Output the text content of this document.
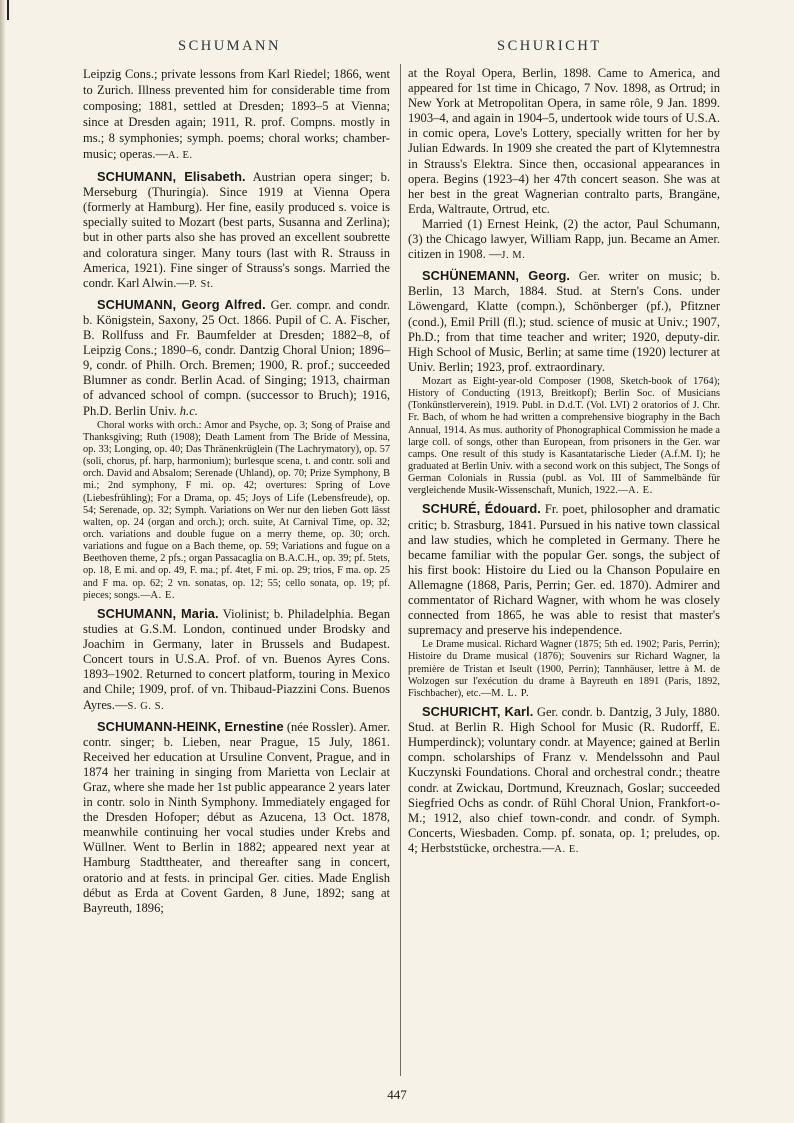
SCHUMANN	SCHURICHT

Leipzig Cons.; private lessons from Karl Riedel; 1866, went to Zurich. Illness prevented him for considerable time from composing; 1881, settled at Dresden; 1893–5 at Vienna; since at Dresden again; 1911, R. prof. Compns. mostly in ms.; 8 symphonies; symph. poems; choral works; chamber-music; operas.—A. E.

SCHUMANN, Elisabeth. Austrian opera singer; b. Merseburg (Thuringia). Since 1919 at Vienna Opera (formerly at Hamburg). Her fine, easily produced s. voice is specially suited to Mozart (best parts, Susanna and Zerlina); but in other parts also she has proved an excellent soubrette and coloratura singer. Many tours (last with R. Strauss in America, 1921). Fine singer of Strauss's songs. Married the condr. Karl Alwin.—P. St.

SCHUMANN, Georg Alfred. Ger. compr. and condr. b. Königstein, Saxony, 25 Oct. 1866. Pupil of C. A. Fischer, B. Rollfuss and Fr. Baumfelder at Dresden; 1882–8, of Leipzig Cons.; 1890–6, condr. Dantzig Choral Union; 1896–9, condr. of Philh. Orch. Bremen; 1900, R. prof.; succeeded Blumner as condr. Berlin Acad. of Singing; 1913, chairman of advanced school of compn. (successor to Bruch); 1916, Ph.D. Berlin Univ. h.c.

Choral works with orch.: Amor and Psyche, op. 3; Song of Praise and Thanksgiving; Ruth (1908); Death Lament from The Bride of Messina, op. 33; Longing, op. 40; Das Thränenkrüglein (The Lachrymatory), op. 57 (soli, chorus, pf. harp, harmonium); burlesque scena, t. and contr. soli and orch. David and Absalom; Serenade (Uhland), op. 70; Prize Symphony, B mi.; 2nd symphony, F mi. op. 42; overtures: Spring of Love (Liebesfrühling); For a Drama, op. 45; Joys of Life (Lebensfreude), op. 54; Serenade, op. 32; Symph. Variations on Wer nur den lieben Gott lässt walten, op. 24 (organ and orch.); orch. suite, At Carnival Time, op. 32; orch. variations and double fugue on a merry theme, op. 30; orch. variations and fugue on a Bach theme, op. 59; Variations and fugue on a Beethoven theme, 2 pfs.; organ Passacaglia on B.A.C.H., op. 39; pf. 5tets, op. 18, E mi. and op. 49, F. ma.; pf. 4tet, F mi. op. 29; trios, F ma. op. 25 and F ma. op. 62; 2 vn. sonatas, op. 12; 55; cello sonata, op. 19; pf. pieces; songs.—A. E.

SCHUMANN, Maria. Violinist; b. Philadelphia. Began studies at G.S.M. London, continued under Brodsky and Joachim in Germany, later in Brussels and Budapest. Concert tours in U.S.A. Prof. of vn. Buenos Ayres Cons. 1893–1902. Returned to concert platform, touring in Mexico and Chile; 1909, prof. of vn. Thibaud-Piazzini Cons. Buenos Ayres.—S. G. S.

SCHUMANN-HEINK, Ernestine (née Rossler). Amer. contr. singer; b. Lieben, near Prague, 15 July, 1861. Received her education at Ursuline Convent, Prague, and in 1874 her training in singing from Marietta von Leclair at Graz, where she made her 1st public appearance 2 years later in contr. solo in Ninth Symphony. Immediately engaged for the Dresden Hofoper; début as Azucena, 13 Oct. 1878, meanwhile continuing her vocal studies under Krebs and Wüllner. Went to Berlin in 1882; appeared next year at Hamburg Stadttheater, and thereafter sang in concert, oratorio and at fests. in principal Ger. cities. Made English début as Erda at Covent Garden, 8 June, 1892; sang at Bayreuth, 1896;

at the Royal Opera, Berlin, 1898. Came to America, and appeared for 1st time in Chicago, 7 Nov. 1898, as Ortrud; in New York at Metropolitan Opera, in same rôle, 9 Jan. 1899. 1903–4, and again in 1904–5, undertook wide tours of U.S.A. in comic opera, Love's Lottery, specially written for her by Julian Edwards. In 1909 she created the part of Klytemnestra in Strauss's Elektra. Since then, occasional appearances in opera. Begins (1923–4) her 47th concert season. She was at her best in the great Wagnerian contralto parts, Brangäne, Erda, Waltraute, Ortrud, etc.

Married (1) Ernest Heink, (2) the actor, Paul Schumann, (3) the Chicago lawyer, William Rapp, jun. Became an Amer. citizen in 1908. —J. M.

SCHÜNEMANN, Georg. Ger. writer on music; b. Berlin, 13 March, 1884. Stud. at Stern's Cons. under Löwengard, Klatte (compn.), Schönberger (pf.), Pfitzner (cond.), Emil Prill (fl.); stud. science of music at Univ.; 1907, Ph.D.; from that time teacher and writer; 1920, deputy-dir. High School of Music, Berlin; at same time (1920) lecturer at Univ. Berlin; 1923, prof. extraordinary.

Mozart as Eight-year-old Composer (1908, Sketch-book of 1764); History of Conducting (1913, Breitkopf); Berlin Soc. of Musicians (Tonkünstlerverein), 1919. Publ. in D.d.T. (Vol. LVI) 2 oratorios of J. Chr. Fr. Bach, of whom he had written a comprehensive biography in the Bach Annual, 1914. As mus. authority of Phonographical Commission he made a large coll. of songs, other than European, from prisoners in the Ger. war camps. One result of this study is Kasantatarische Lieder (A.f.M. I); he graduated at Berlin Univ. with a second work on this subject, The Songs of German Colonials in Russia (publ. as Vol. III of Sammelbände für vergleichende Musik-Wissenschaft, Munich, 1922.—A. E.

SCHURÉ, Édouard. Fr. poet, philosopher and dramatic critic; b. Strasburg, 1841. Pursued in his native town classical and law studies, which he completed in Germany. There he became familiar with the popular Ger. songs, the subject of his first book: Histoire du Lied ou la Chanson Populaire en Allemagne (1868, Paris, Perrin; Ger. ed. 1870). Admirer and commentator of Richard Wagner, with whom he was closely connected from 1865, he was able to resist that master's supremacy and preserve his independence.

Le Drame musical. Richard Wagner (1875; 5th ed. 1902; Paris, Perrin); Histoire du Drame musical (1876); Souvenirs sur Richard Wagner, la première de Tristan et Iseult (1900, Perrin); Tannhäuser, lettre à M. de Wolzogen sur l'exécution du drame à Bayreuth en 1891 (Paris, 1892, Fischbacher), etc.—M. L. P.

SCHURICHT, Karl. Ger. condr. b. Dantzig, 3 July, 1880. Stud. at Berlin R. High School for Music (R. Rudorff, E. Humperdinck); voluntary condr. at Mayence; gained at Berlin compn. scholarships of Franz v. Mendelssohn and Paul Kuczynski Foundations. Choral and orchestral condr.; theatre condr. at Zwickau, Dortmund, Kreuznach, Goslar; succeeded Siegfried Ochs as condr. of Rühl Choral Union, Frankfort-o-M.; 1912, also chief town-condr. and condr. of Symph. Concerts, Wiesbaden. Comp. pf. sonata, op. 1; preludes, op. 4; Herbststücke, orchestra.—A. E.

447
